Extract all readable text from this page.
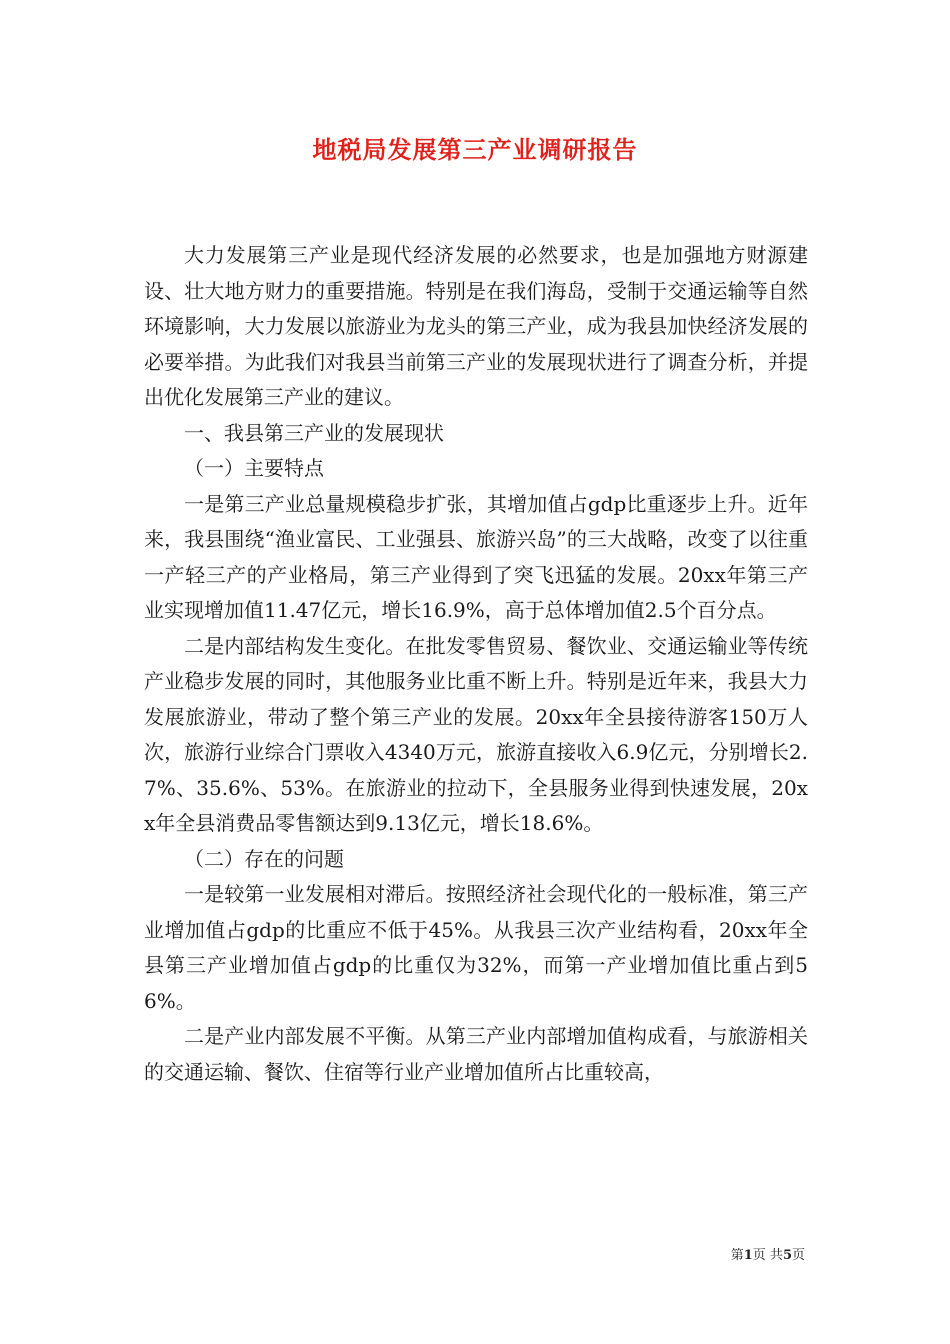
地税局发展第三产业调研报告

大力发展第三产业是现代经济发展的必然要求，也是加强地方财源建设、壮大地方财力的重要措施。特别是在我们海岛，受制于交通运输等自然环境影响，大力发展以旅游业为龙头的第三产业，成为我县加快经济发展的必要举措。为此我们对我县当前第三产业的发展现状进行了调查分析，并提出优化发展第三产业的建议。

一、我县第三产业的发展现状

（一）主要特点

一是第三产业总量规模稳步扩张，其增加值占gdp比重逐步上升。近年来，我县围绕“渔业富民、工业强县、旅游兴岛”的三大战略，改变了以往重一产轻三产的产业格局，第三产业得到了突飞迅猛的发展。20xx年第三产业实现增加值11.47亿元，增长16.9%，高于总体增加值2.5个百分点。

二是内部结构发生变化。在批发零售贸易、餐饮业、交通运输业等传统产业稳步发展的同时，其他服务业比重不断上升。特别是近年来，我县大力发展旅游业，带动了整个第三产业的发展。20xx年全县接待游客150万人次，旅游行业综合门票收入4340万元，旅游直接收入6.9亿元，分别增长2.7%、35.6%、53%。在旅游业的拉动下，全县服务业得到快速发展，20xx年全县消费品零售额达到9.13亿元，增长18.6%。

（二）存在的问题

一是较第一业发展相对滞后。按照经济社会现代化的一般标准，第三产业增加值占gdp的比重应不低于45%。从我县三次产业结构看，20xx年全县第三产业增加值占gdp的比重仅为32%，而第一产业增加值比重占到56%。

二是产业内部发展不平衡。从第三产业内部增加值构成看，与旅游相关的交通运输、餐饮、住宿等行业产业增加值所占比重较高，

第1页 共5页
